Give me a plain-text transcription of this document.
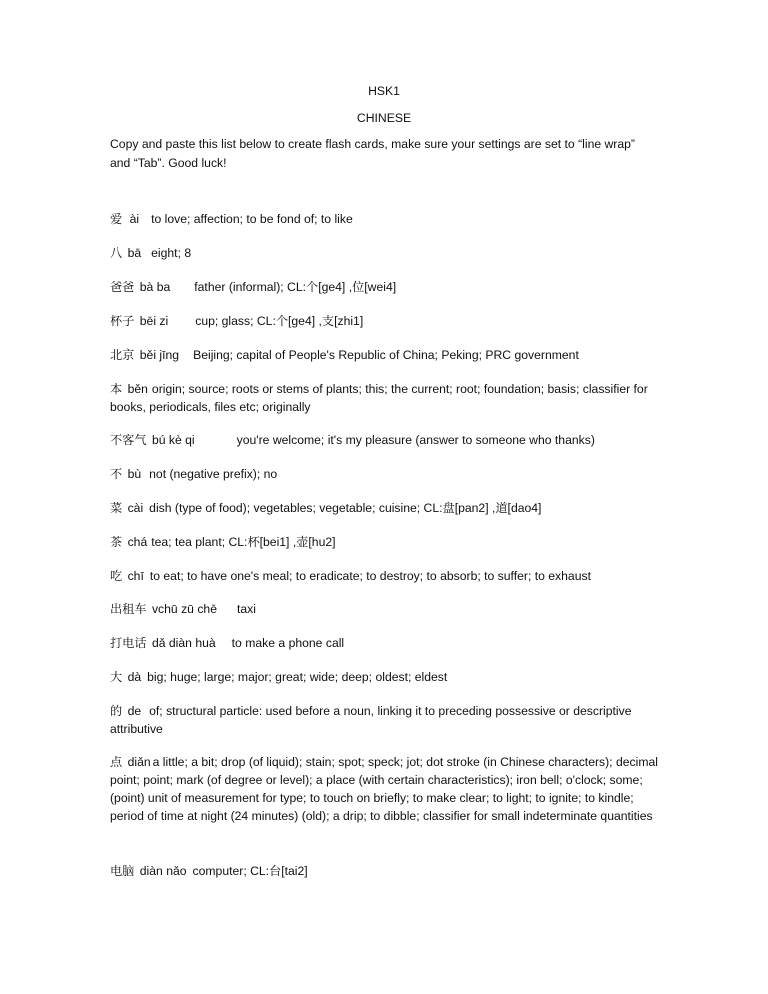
HSK1
CHINESE
Copy and paste this list below to create flash cards, make sure your settings are set to “line wrap” and “Tab”. Good luck!
爱 ài to love; affection; to be fond of; to like
八 bā eight; 8
爸爸 bà ba father (informal); CL:个[ge4] ,位[wei4]
杯子 bēi zi cup; glass; CL:个[ge4] ,支[zhi1]
北京 běi jīng Beijing; capital of People's Republic of China; Peking; PRC government
本 běn origin; source; roots or stems of plants; this; the current; root; foundation; basis; classifier for books, periodicals, files etc; originally
不客气 bú kè qi	you're welcome; it's my pleasure (answer to someone who thanks)
不 bù not (negative prefix); no
菜 cài dish (type of food); vegetables; vegetable; cuisine; CL:盘[pan2] ,道[dao4]
茶 chá tea; tea plant; CL:杯[bei1] ,壶[hu2]
吃 chī to eat; to have one's meal; to eradicate; to destroy; to absorb; to suffer; to exhaust
出租车 vchū zū chē taxi
打电话 dǎ diàn huà to make a phone call
大 dà big; huge; large; major; great; wide; deep; oldest; eldest
的 de of; structural particle: used before a noun, linking it to preceding possessive or descriptive attributive
点 diǎn a little; a bit; drop (of liquid); stain; spot; speck; jot; dot stroke (in Chinese characters); decimal point; point; mark (of degree or level); a place (with certain characteristics); iron bell; o'clock; some; (point) unit of measurement for type; to touch on briefly; to make clear; to light; to ignite; to kindle; period of time at night (24 minutes) (old); a drip; to dibble; classifier for small indeterminate quantities
电脑 diàn nǎo computer; CL:台[tai2]
